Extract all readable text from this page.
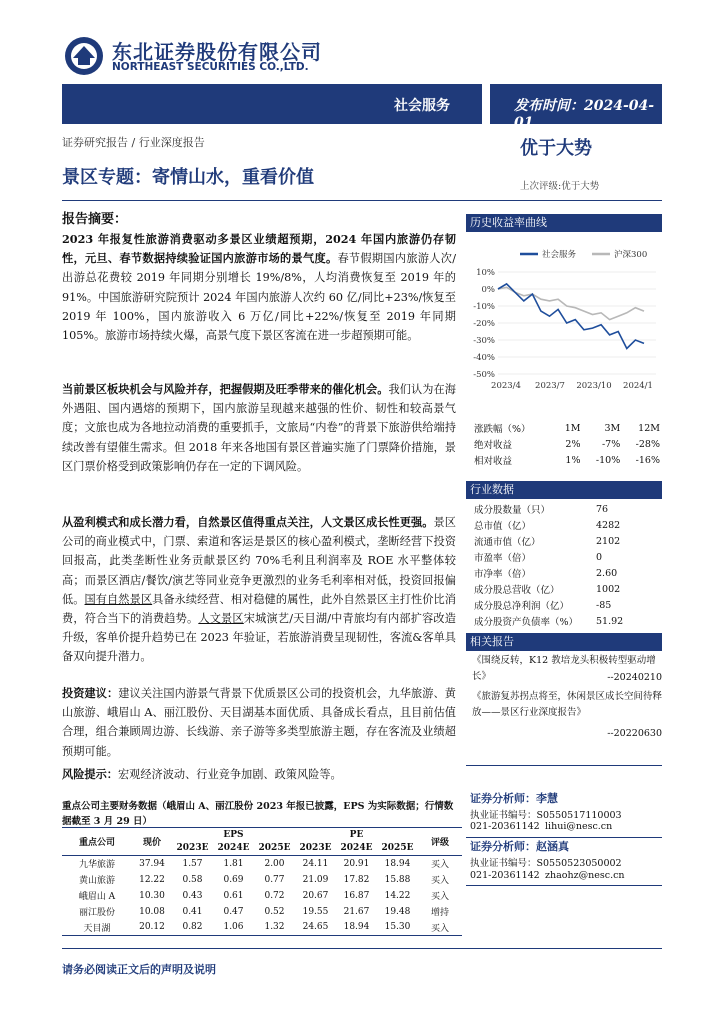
东北证券股份有限公司
NORTHEAST SECURITIES CO.,LTD.
社会服务	发布时间：2024-04-01
证券研究报告 / 行业深度报告
景区专题：寄情山水，重看价值
优于大势
上次评级:优于大势
报告摘要：
2023 年报复性旅游消费驱动多景区业绩超预期，2024 年国内旅游仍存韧性，元旦、春节数据持续验证国内旅游市场的景气度。春节假期国内旅游人次/出游总花费较 2019 年同期分别增长 19%/8%，人均消费恢复至 2019 年的 91%。中国旅游研究院预计 2024 年国内旅游人次约 60 亿/同比+23%/恢复至 2019 年 100%，国内旅游收入 6 万亿/同比+22%/恢复至 2019 年同期 105%。旅游市场持续火爆，高景气度下景区客流在进一步超预期可能。
当前景区板块机会与风险并存，把握假期及旺季带来的催化机会。我们认为在海外遇阻、国内遇熔的预期下，国内旅游呈现越来越强的性价、韧性和较高景气度；文旅也成为各地拉动消费的重要抓手，文旅局“内卷”的背景下旅游供给端持续改善有望催生需求。但 2018 年来各地国有景区普遍实施了门票降价措施，景区门票价格受到政策影响仍存在一定的下调风险。
从盈利模式和成长潜力看，自然景区值得重点关注，人文景区成长性更强。景区公司的商业模式中，门票、索道和客运是景区的核心盈利模式，垄断经营下投资回报高，此类垄断性业务贡献景区约 70%毛利且利润率及 ROE 水平整体较高；而景区酒店/餐饮/演艺等同业竞争更激烈的业务毛利率相对低，投资回报偏低。国有自然景区具备永续经营、相对稳健的属性，此外自然景区主打性价比消费，符合当下的消费趋势。人文景区宋城演艺/天目湖/中青旅均有内部扩容改造升级，客单价提升趋势已在 2023 年验证，若旅游消费呈现韧性，客流&客单具备双向提升潜力。
投资建议：建议关注国内游景气背景下优质景区公司的投资机会，九华旅游、黄山旅游、峨眉山 A、丽江股份、天目湖基本面优质、具备成长看点，且目前估值合理，组合兼顾周边游、长线游、亲子游等多类型旅游主题，存在客流及业绩超预期可能。
风险提示：宏观经济波动、行业竞争加剧、政策风险等。
历史收益率曲线
社会服务	沪深300
10%
0%
-10%
-20%
-30%
-40%
-50%
2023/4 2023/7 2023/10 2024/1
涨跌幅（%）	1M	3M	12M
绝对收益	2%	-7%	-28%
相对收益	1%	-10%	-16%
行业数据
成分股数量（只）	76
总市值（亿）	4282
流通市值（亿）	2102
市盈率（倍）	0
市净率（倍）	2.60
成分股总营收（亿）	1002
成分股总净利润（亿）	-85
成分股资产负债率（%）	51.92
相关报告
《围绕反转，K12 教培龙头积极转型驱动增长》	--20240210
《旅游复苏拐点将至，休闲景区成长空间待释放——景区行业深度报告》
--20220630
证券分析师：李慧
执业证书编号：S0550517110003
021-20361142 lihui@nesc.cn
证券分析师：赵涵真
执业证书编号：S0550523050002
021-20361142 zhaohz@nesc.cn
重点公司主要财务数据（峨眉山 A、丽江股份 2023 年报已披露，EPS 为实际数据；行情数据截至 3 月 29 日）
重点公司	现价	EPS			PE			评级
		2023E	2024E	2025E	2023E	2024E	2025E	
九华旅游	37.94	1.57	1.81	2.00	24.11	20.91	18.94	买入
黄山旅游	12.22	0.58	0.69	0.77	21.09	17.82	15.88	买入
峨眉山 A	10.30	0.43	0.61	0.72	20.67	16.87	14.22	买入
丽江股份	10.08	0.41	0.47	0.52	19.55	21.67	19.48	增持
天目湖	20.12	0.82	1.06	1.32	24.65	18.94	15.30	买入
请务必阅读正文后的声明及说明
